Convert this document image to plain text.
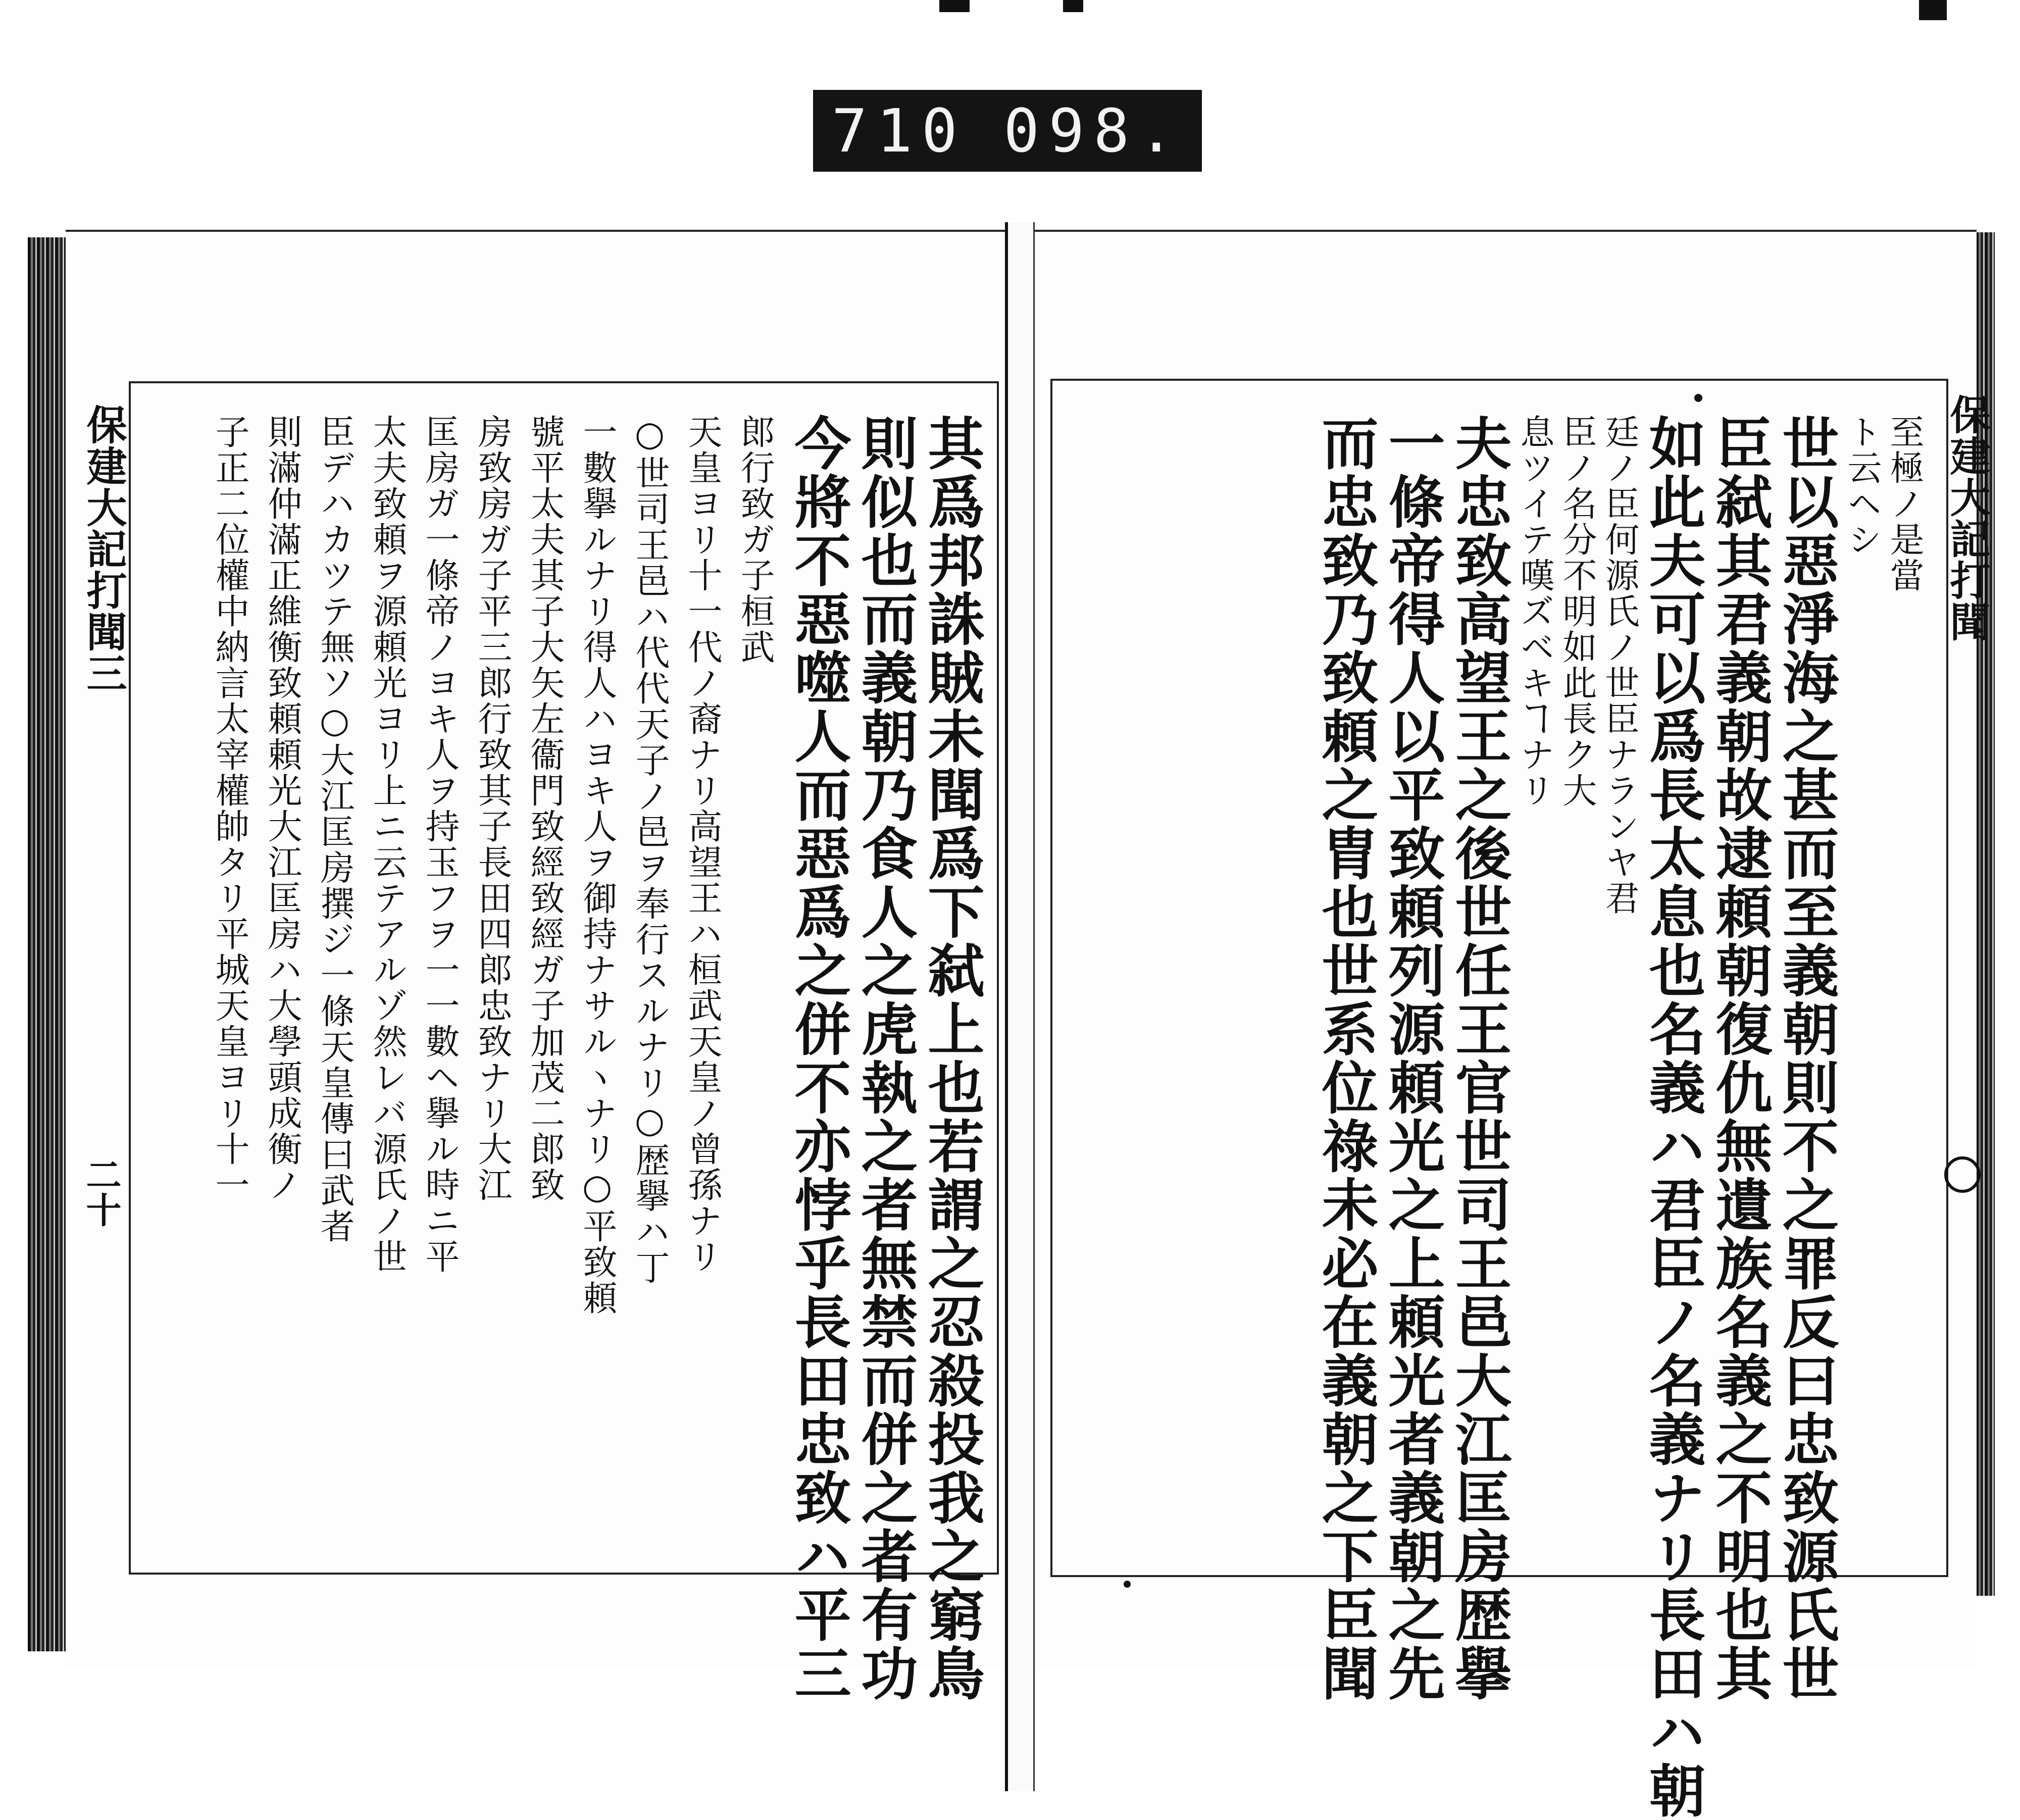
710 098.
保建大記打聞三
二十
保建大記打聞
至極ノ是當
ト云ヘシ
世以惡淨海之甚而至義朝則不之罪反曰忠致源氏世
臣弑其君義朝故逮頼朝復仇無遺族名義之不明也其
如此夫可以爲長太息也名義ハ君臣ノ名義ナリ長田ハ朝
廷ノ臣何源氏ノ世臣ナランヤ君
臣ノ名分不明如此長ク大
息ツイテ嘆ズベキヿナリ
夫忠致高望王之後世任王官世司王邑大江匡房歴擧
一條帝得人以平致頼列源頼光之上頼光者義朝之先
而忠致乃致頼之胄也世系位祿未必在義朝之下臣聞
其爲邦誅賊未聞爲下弑上也若謂之忍殺投我之窮鳥
則似也而義朝乃食人之虎執之者無禁而併之者有功
今將不惡噬人而惡爲之併不亦悖乎長田忠致ハ平三
郎行致ガ子桓武
天皇ヨリ十一代ノ裔ナリ高望王ハ桓武天皇ノ曾孫ナリ
○世司王邑ハ代代天子ノ邑ヲ奉行スルナリ○歴擧ハ丁
一數擧ルナリ得人ハヨキ人ヲ御持ナサルヽナリ○平致頼
號平太夫其子大矢左衞門致經致經ガ子加茂二郎致
房致房ガ子平三郎行致其子長田四郎忠致ナリ大江
匡房ガ一條帝ノヨキ人ヲ持玉フヲ一一數ヘ擧ル時ニ平
太夫致頼ヲ源頼光ヨリ上ニ云テアルゾ然レバ源氏ノ世
臣デハカツテ無ソ○大江匡房撰ジ一條天皇傳曰武者
則滿仲滿正維衡致頼頼光大江匡房ハ大學頭成衡ノ
子正二位權中納言太宰權帥タリ平城天皇ヨリ十一
